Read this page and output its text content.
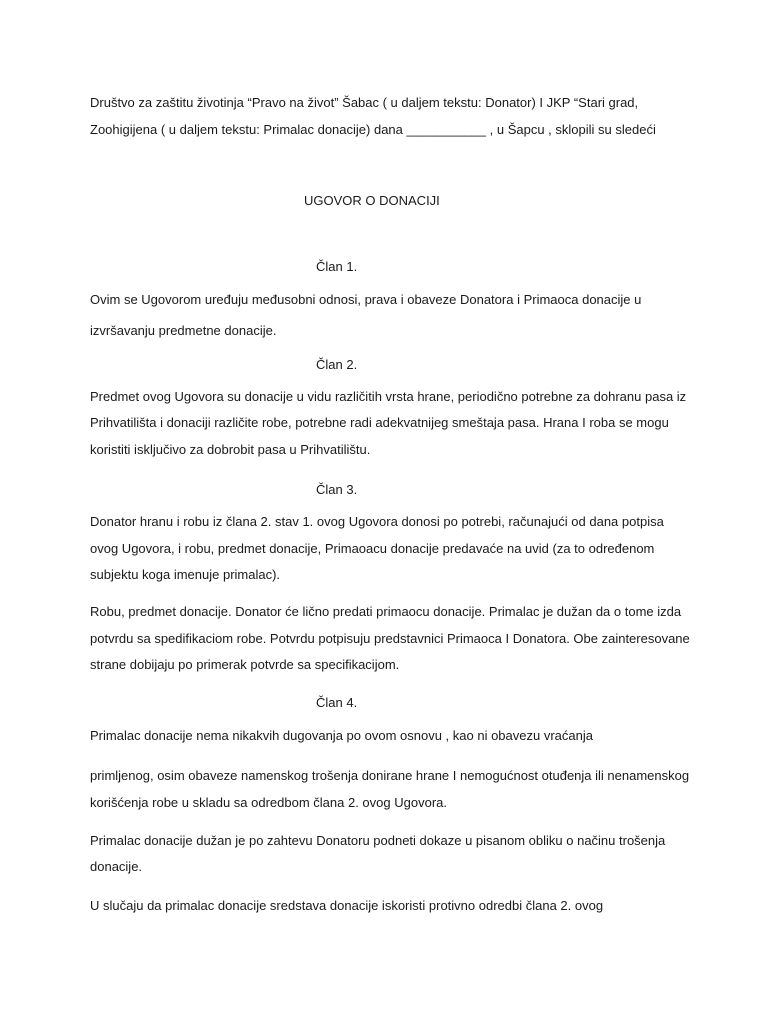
Društvo za zaštitu životinja “Pravo na život” Šabac ( u daljem tekstu: Donator) I JKP “Stari grad,
Zoohigijena ( u daljem tekstu: Primalac donacije) dana ___________ , u Šapcu , sklopili su sledeći
UGOVOR O DONACIJI
Član 1.
Ovim se Ugovorom uređuju međusobni odnosi, prava i obaveze Donatora i Primaoca donacije u
izvršavanju predmetne donacije.
Član 2.
Predmet ovog Ugovora su donacije u vidu različitih vrsta hrane, periodično potrebne za dohranu pasa iz
Prihvatilišta i donaciji različite robe, potrebne radi adekvatnijeg smeštaja pasa. Hrana I roba se mogu
koristiti isključivo za dobrobit pasa u Prihvatilištu.
Član 3.
Donator hranu i robu iz člana 2. stav 1. ovog Ugovora donosi po potrebi, računajući od dana potpisa
ovog Ugovora, i robu, predmet donacije, Primaoacu donacije predavaće na uvid (za to određenom
subjektu koga imenuje primalac).
Robu, predmet donacije. Donator će lično predati primaocu donacije. Primalac je dužan da o tome izda
potvrdu sa spedifikaciom robe. Potvrdu potpisuju predstavnici Primaoca I Donatora. Obe zainteresovane
strane dobijaju po primerak potvrde sa specifikacijom.
Član 4.
Primalac donacije nema nikakvih dugovanja po ovom osnovu , kao ni obavezu vraćanja
primljenog, osim obaveze namenskog trošenja donirane hrane I nemogućnost otuđenja ili nenamenskog
korišćenja robe u skladu sa odredbom člana 2. ovog Ugovora.
Primalac donacije dužan je po zahtevu Donatoru podneti dokaze u pisanom obliku o načinu trošenja
donacije.
U slučaju da primalac donacije sredstava donacije iskoristi protivno odredbi člana 2. ovog
